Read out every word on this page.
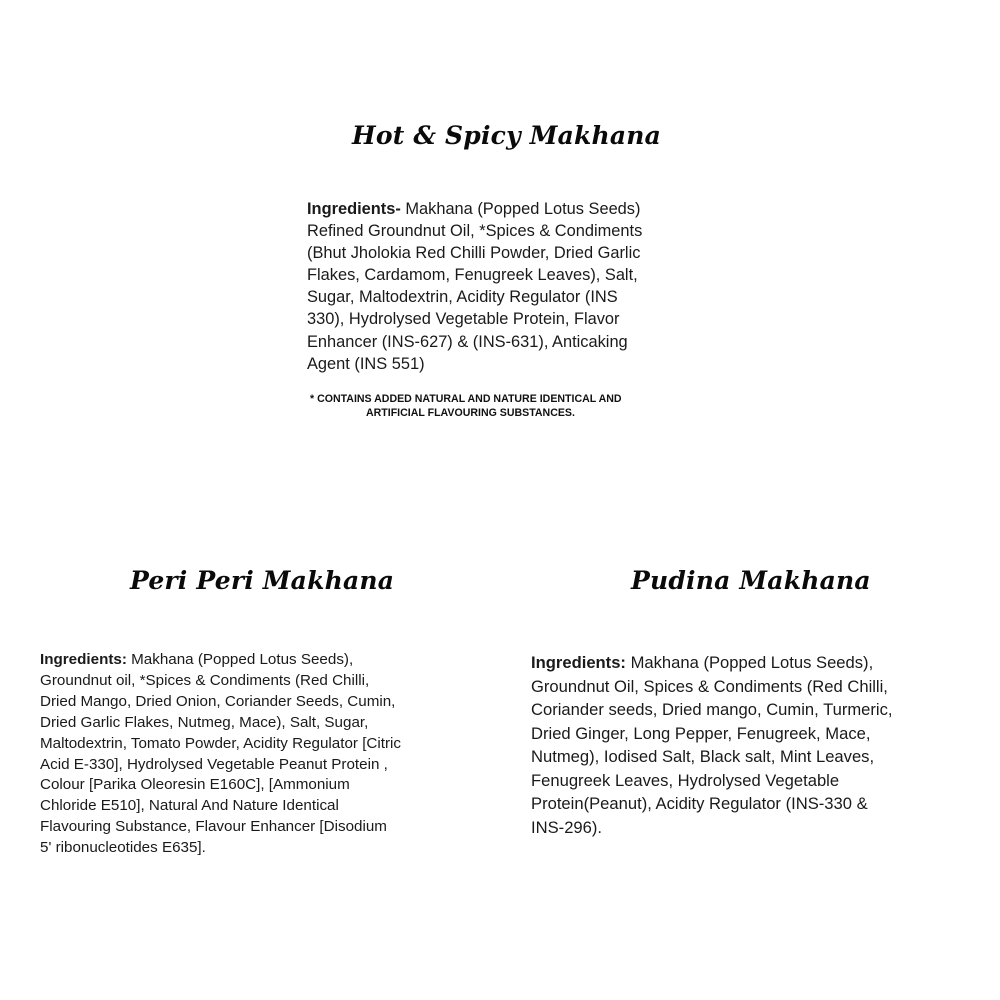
Hot & Spicy Makhana
Ingredients- Makhana (Popped Lotus Seeds)
Refined Groundnut Oil, *Spices & Condiments
(Bhut Jholokia Red Chilli Powder, Dried Garlic
Flakes, Cardamom, Fenugreek Leaves), Salt,
Sugar, Maltodextrin, Acidity Regulator (INS
330), Hydrolysed Vegetable Protein, Flavor
Enhancer (INS-627) & (INS-631), Anticaking
Agent (INS 551)
* CONTAINS ADDED NATURAL AND NATURE IDENTICAL AND
ARTIFICIAL FLAVOURING SUBSTANCES.
Peri Peri Makhana
Ingredients: Makhana (Popped Lotus Seeds),
Groundnut oil, *Spices & Condiments (Red Chilli,
Dried Mango, Dried Onion, Coriander Seeds, Cumin,
Dried Garlic Flakes, Nutmeg, Mace), Salt, Sugar,
Maltodextrin, Tomato Powder, Acidity Regulator [Citric
Acid E-330], Hydrolysed Vegetable Peanut Protein ,
Colour [Parika Oleoresin E160C], [Ammonium
Chloride E510], Natural And Nature Identical
Flavouring Substance, Flavour Enhancer [Disodium
5' ribonucleotides E635].
Pudina Makhana
Ingredients: Makhana (Popped Lotus Seeds),
Groundnut Oil, Spices & Condiments (Red Chilli,
Coriander seeds, Dried mango, Cumin, Turmeric,
Dried Ginger, Long Pepper, Fenugreek, Mace,
Nutmeg), Iodised Salt, Black salt, Mint Leaves,
Fenugreek Leaves, Hydrolysed Vegetable
Protein(Peanut), Acidity Regulator (INS-330 &
INS-296).
